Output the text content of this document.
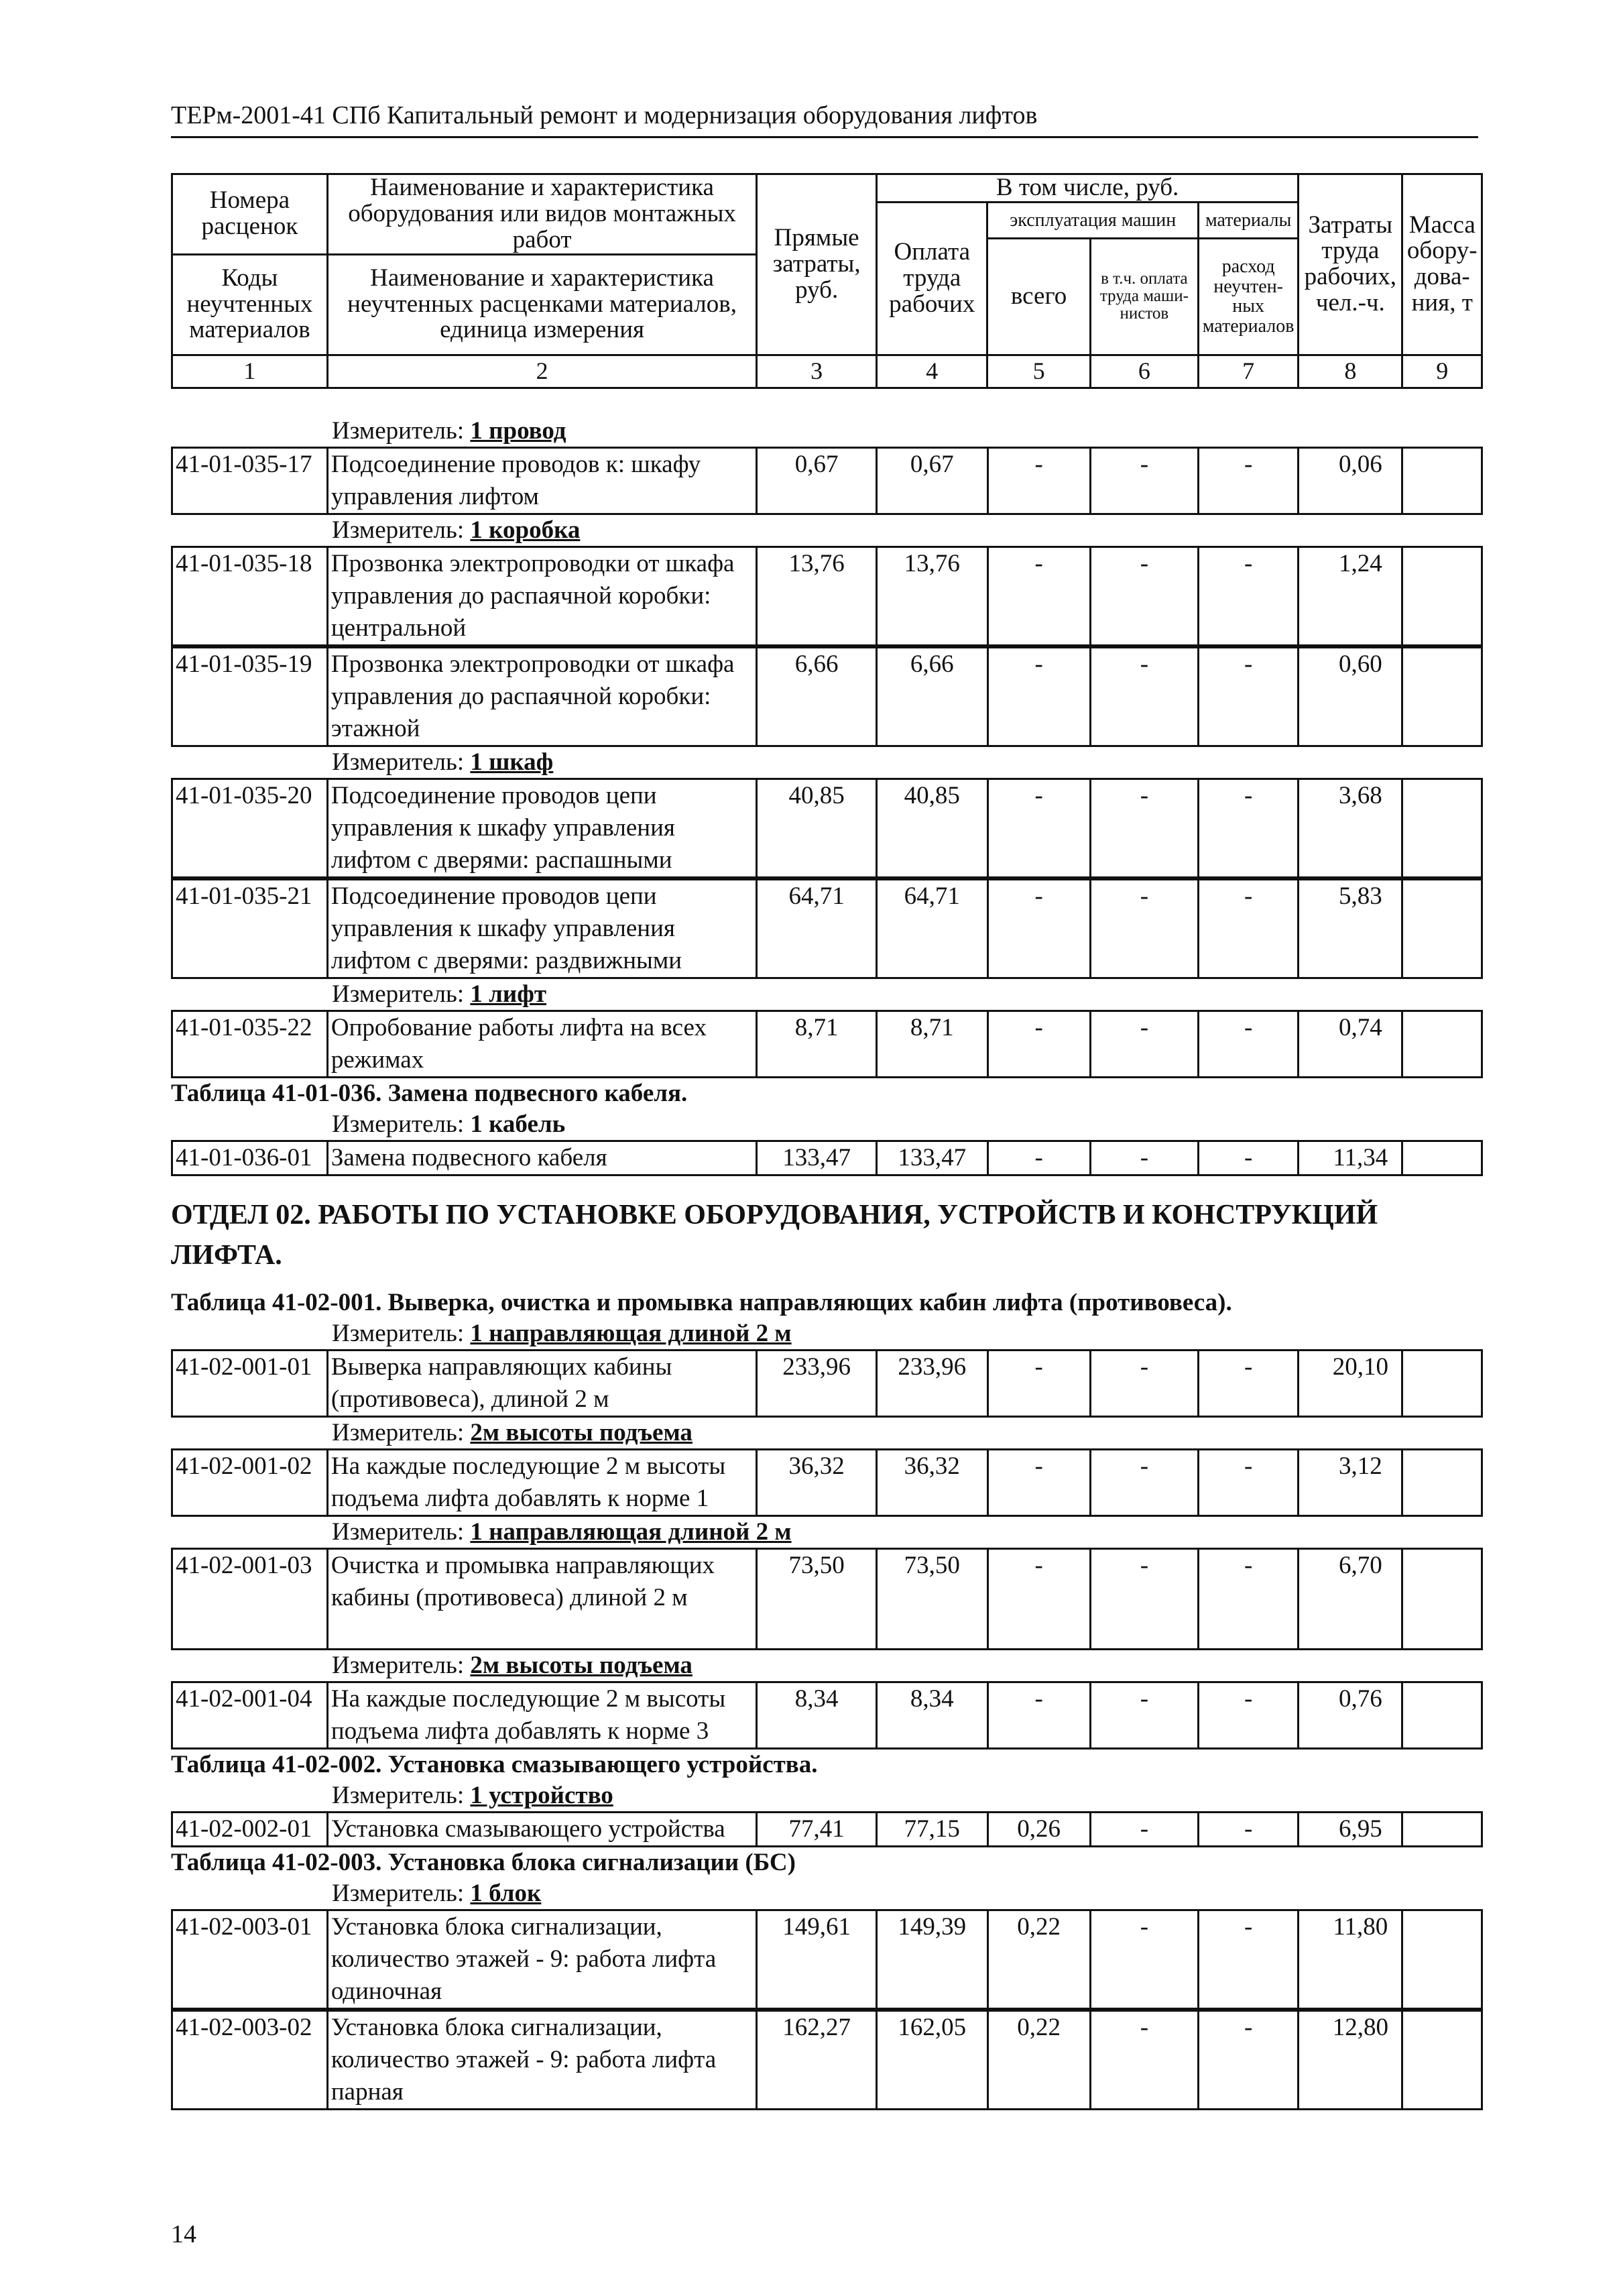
ТЕРм-2001-41 СПб Капитальный ремонт и модернизация оборудования лифтов
Номера расценок	Наименование и характеристика оборудования или видов монтажных работ	Прямые затраты, руб.	В том числе, руб.				Затраты труда рабочих, чел.-ч.	Масса обору-дова-ния, т
			Оплата труда рабочих	эксплуатация машин		материалы		
				всего	в т.ч. оплата труда маши-нистов	расход неучтен-ных материалов		
Коды неучтенных материалов	Наименование и характеристика неучтенных расценками материалов, единица измерения							

1	2	3	4	5	6	7	8	9
Измеритель: 1 провод
41-01-035-17	Подсоединение проводов к: шкафу управления лифтом	0,67	0,67	-	-	-	0,06	
Измеритель: 1 коробка
41-01-035-18	Прозвонка электропроводки от шкафа управления до распаячной коробки: центральной	13,76	13,76	-	-	-	1,24	
41-01-035-19	Прозвонка электропроводки от шкафа управления до распаячной коробки: этажной	6,66	6,66	-	-	-	0,60	
Измеритель: 1 шкаф
41-01-035-20	Подсоединение проводов цепи управления к шкафу управления лифтом с дверями: распашными	40,85	40,85	-	-	-	3,68	
41-01-035-21	Подсоединение проводов цепи управления к шкафу управления лифтом с дверями: раздвижными	64,71	64,71	-	-	-	5,83	
Измеритель: 1 лифт
41-01-035-22	Опробование работы лифта на всех режимах	8,71	8,71	-	-	-	0,74	
Таблица 41-01-036. Замена подвесного кабеля.
Измеритель: 1 кабель
41-01-036-01	Замена подвесного кабеля	133,47	133,47	-	-	-	11,34	
ОТДЕЛ 02. РАБОТЫ ПО УСТАНОВКЕ ОБОРУДОВАНИЯ, УСТРОЙСТВ И КОНСТРУКЦИЙ ЛИФТА.
Таблица 41-02-001. Выверка, очистка и промывка направляющих кабин лифта (противовеса).
Измеритель: 1 направляющая длиной 2 м
41-02-001-01	Выверка направляющих кабины (противовеса), длиной 2 м	233,96	233,96	-	-	-	20,10	
Измеритель: 2м высоты подъема
41-02-001-02	На каждые последующие 2 м высоты подъема лифта добавлять к норме 1	36,32	36,32	-	-	-	3,12	
Измеритель: 1 направляющая длиной 2 м
41-02-001-03	Очистка и промывка направляющих кабины (противовеса) длиной 2 м	73,50	73,50	-	-	-	6,70	
Измеритель: 2м высоты подъема
41-02-001-04	На каждые последующие 2 м высоты подъема лифта добавлять к норме 3	8,34	8,34	-	-	-	0,76	
Таблица 41-02-002. Установка смазывающего устройства.
Измеритель: 1 устройство
41-02-002-01	Установка смазывающего устройства	77,41	77,15	0,26	-	-	6,95	
Таблица 41-02-003. Установка блока сигнализации (БС)
Измеритель: 1 блок
41-02-003-01	Установка блока сигнализации, количество этажей - 9: работа лифта одиночная	149,61	149,39	0,22	-	-	11,80	
41-02-003-02	Установка блока сигнализации, количество этажей - 9: работа лифта парная	162,27	162,05	0,22	-	-	12,80	
14
